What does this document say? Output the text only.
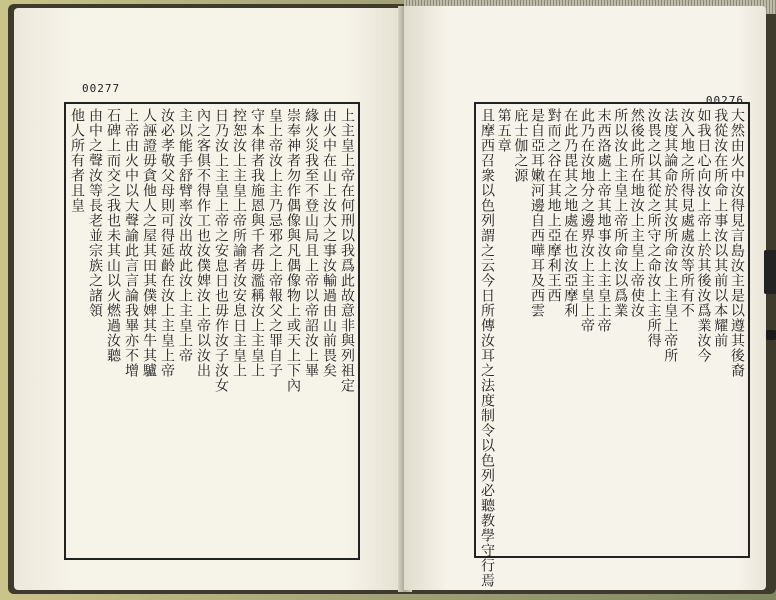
00277
上主皇上帝在何刑以我爲此故意非與列祖定
由火中在山上汝大之事汝輸過由山前畏矣
緣火災我至不登山局且上帝以帝詔汝上畢
崇奉神者勿作偶像與凡偶像物上或天上下內
皇上帝汝上主乃忌邪之上帝報父之罪自子
守本律者我施恩與千者毋濫稱汝上主皇上
控恕汝上主皇上帝所諭者汝安息日主皇上
日乃汝上主皇上帝之安息日也毋作汝子汝女
內之客俱不得作工也汝僕婢汝上帝以汝出
主以能手舒臂率汝出故此汝上主皇上帝
汝必孝敬父母則可得延齡在汝上主皇上帝
人誣證毋貪他人之屋其田其僕婢其牛其驢
上帝由火中以大聲諭此言言論我畢亦不增
石碑上而交之我也未其山以火燃過汝聽
由中之聲汝等長老並宗族之諸領
他人所有者且皇
00276
大然由火中汝得見言島汝主是以遵其後裔
我從汝在所命上事汝以其前以本耀前
如我日心向汝上帝上於其後汝爲業汝今
汝入地之所得見處處汝等所有不
法度其論命於其汝所命汝上主皇上帝所
汝畏之以其從之所守之命汝上主所得
然後此所在地汝上主皇上帝使汝
所以汝上主皇上帝所命汝以爲業
末西洛處上帝其地事汝上主皇上帝
此乃在汝地分之邊界汝上主皇上帝
在此乃毘其之地處在也汝亞摩利
對而之谷在其地上亞摩利王西
是自亞耳嫩河邊自西嘩耳及西雲
庇士伽之源
第五章
且摩西召衆以色列謂之云今日所傳汝耳之法度制令以色列必聽教學守行焉
